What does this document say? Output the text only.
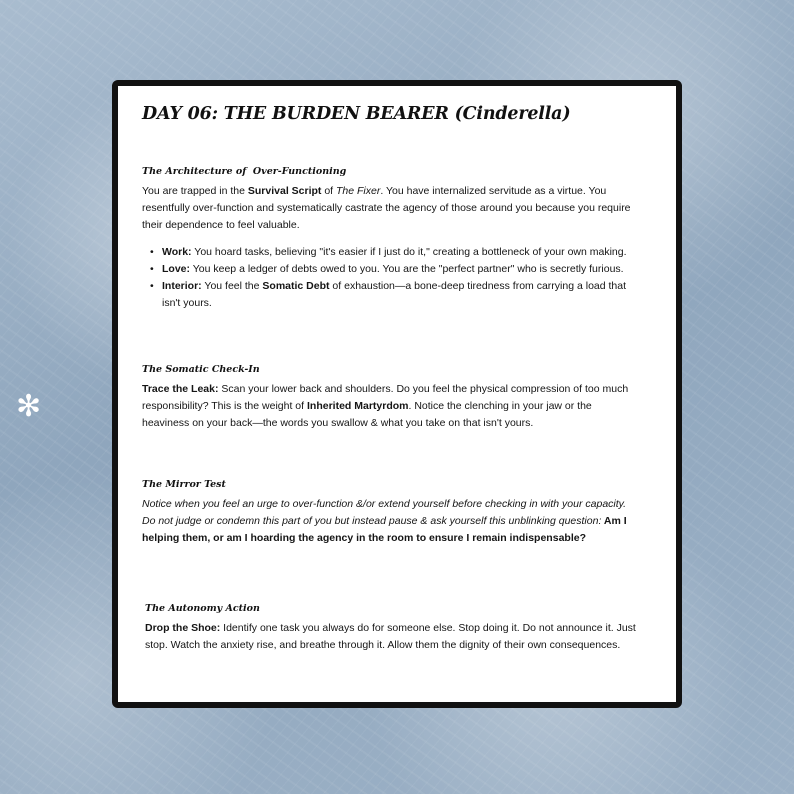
✻
DAY 06: THE BURDEN BEARER (Cinderella)
The Architecture of  Over-Functioning

You are trapped in the Survival Script of The Fixer. You have internalized servitude as a virtue. You resentfully over-function and systematically castrate the agency of those around you because you require their dependence to feel valuable.

• Work: You hoard tasks, believing "it's easier if I just do it," creating a bottleneck of your own making.
• Love: You keep a ledger of debts owed to you. You are the "perfect partner" who is secretly furious.
• Interior: You feel the Somatic Debt of exhaustion—a bone-deep tiredness from carrying a load that isn't yours.
The Somatic Check-In

Trace the Leak: Scan your lower back and shoulders. Do you feel the physical compression of too much responsibility? This is the weight of Inherited Martyrdom. Notice the clenching in your jaw or the heaviness on your back—the words you swallow & what you take on that isn't yours.

The Mirror Test

Notice when you feel an urge to over-function &/or extend yourself before checking in with your capacity. Do not judge or condemn this part of you but instead pause & ask yourself this unblinking question: Am I helping them, or am I hoarding the agency in the room to ensure I remain indispensable?

The Autonomy Action

Drop the Shoe: Identify one task you always do for someone else. Stop doing it. Do not announce it. Just stop. Watch the anxiety rise, and breathe through it. Allow them the dignity of their own consequences.
